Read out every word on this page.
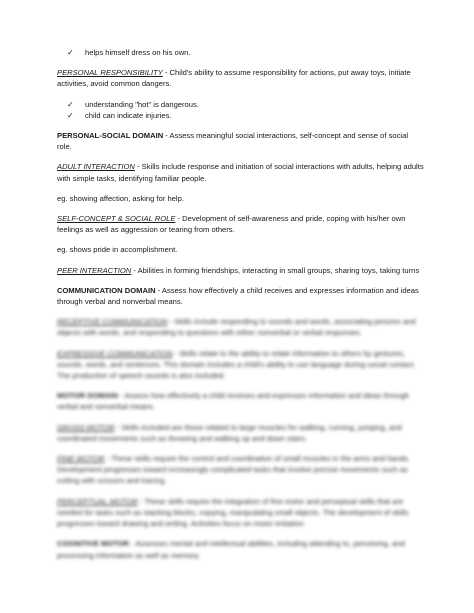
✓ helps himself dress on his own.

PERSONAL RESPONSIBILITY - Child's ability to assume responsibility for actions, put away toys, initiate activities, avoid common dangers.

✓ understanding "hot" is dangerous.
✓ child can indicate injuries.

PERSONAL-SOCIAL DOMAIN - Assess meaningful social interactions, self-concept and sense of social role.

ADULT INTERACTION - Skills include response and initiation of social interactions with adults, helping adults with simple tasks, identifying familiar people.

eg. showing affection, asking for help.

SELF-CONCEPT & SOCIAL ROLE - Development of self-awareness and pride, coping with his/her own feelings as well as aggression or tearing from others.

eg. shows pride in accomplishment.

PEER INTERACTION - Abilities in forming friendships, interacting in small groups, sharing toys, taking turns

COMMUNICATION DOMAIN - Assess how effectively a child receives and expresses information and ideas through verbal and nonverbal means.

RECEPTIVE COMMUNICATION - Skills include responding to sounds and words, associating pictures and objects with words, and responding to questions with either nonverbal or verbal responses.

EXPRESSIVE COMMUNICATION - Skills relate to the ability to relate information to others by gestures, sounds, words, and sentences. This domain includes a child's ability to use language during social contact. The production of speech sounds is also included.

MOTOR DOMAIN - Assess how effectively a child receives and expresses information and ideas through verbal and nonverbal means.

GROSS MOTOR - Skills included are those related to large muscles for walking, running, jumping, and coordinated movements such as throwing and walking up and down stairs.

FINE MOTOR - These skills require the control and coordination of small muscles in the arms and hands. Development progresses toward increasingly complicated tasks that involve precise movements such as cutting with scissors and tracing.

PERCEPTUAL MOTOR - These skills require the integration of fine motor and perceptual skills that are needed for tasks such as stacking blocks, copying, manipulating small objects. The development of skills progresses toward drawing and writing. Activities focus on motor imitation.

COGNITIVE MOTOR - Assesses mental and intellectual abilities, including attending to, perceiving, and processing information as well as memory.
